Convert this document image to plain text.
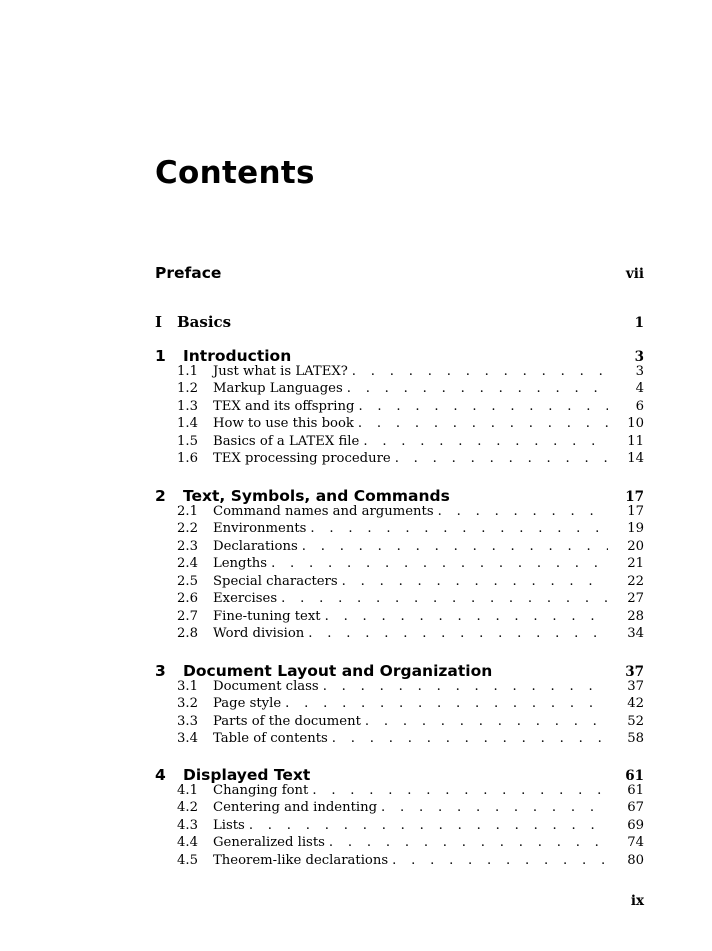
Contents
Preface	vii
I Basics	1
1	Introduction	3
1.1	Just what is LATEX? . . .	3
1.2	Markup Languages . . .	4
1.3	TEX and its offspring . . .	6
1.4	How to use this book . . .	10
1.5	Basics of a LATEX file . . .	11
1.6	TEX processing procedure . . .	14
2	Text, Symbols, and Commands	17
2.1	Command names and arguments . . .	17
2.2	Environments . . .	19
2.3	Declarations . . .	20
2.4	Lengths . . .	21
2.5	Special characters . . .	22
2.6	Exercises . . .	27
2.7	Fine-tuning text . . .	28
2.8	Word division . . .	34
3	Document Layout and Organization	37
3.1	Document class . . .	37
3.2	Page style . . .	42
3.3	Parts of the document . . .	52
3.4	Table of contents . . .	58
4	Displayed Text	61
4.1	Changing font . . .	61
4.2	Centering and indenting . . .	67
4.3	Lists . . .	69
4.4	Generalized lists . . .	74
4.5	Theorem-like declarations . . .	80
ix
